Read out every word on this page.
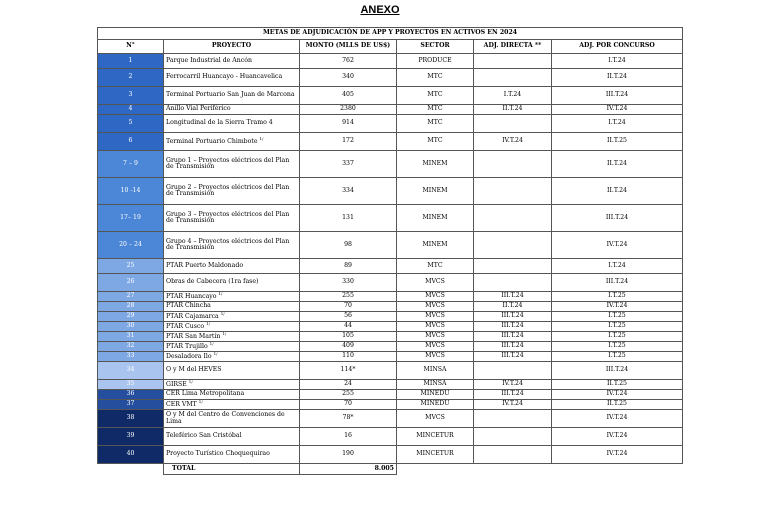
ANEXO
METAS DE ADJUDICACIÓN DE APP Y PROYECTOS EN ACTIVOS EN 2024					
N°	PROYECTO	MONTO (MLLS DE US$)	SECTOR	ADJ. DIRECTA **	ADJ. POR CONCURSO
1	Parque Industrial de Ancón	762	PRODUCE		I.T.24
2	Ferrocarril Huancayo - Huancavelica	340	MTC		II.T.24
3	Terminal Portuario San Juan de Marcona	405	MTC	I.T.24	III.T.24
4	Anillo Vial Periférico	2380	MTC	II.T.24	IV.T.24
5	Longitudinal de la Sierra Tramo 4	914	MTC		I.T.24
6	Terminal Portuario Chimbote $^{1/}$	172	MTC	IV.T.24	II.T.25
7 – 9	Grupo 1 – Proyectos eléctricos del Plan de Transmisión	337	MINEM		II.T.24
10 -14	Grupo 2 – Proyectos eléctricos del Plan de Transmisión	334	MINEM		II.T.24
17– 19	Grupo 3 – Proyectos eléctricos del Plan de Transmisión	131	MINEM		III.T.24
20 – 24	Grupo 4 – Proyectos eléctricos del Plan de Transmisión	98	MINEM		IV.T.24
25	PTAR Puerto Maldonado	89	MTC		I.T.24
26	Obras de Cabecera (1ra fase)	330	MVCS		III.T.24
27	PTAR Huancayo $^{1/}$	255	MVCS	III.T.24	I.T.25
28	PTAR Chincha	70	MVCS	II.T.24	IV.T.24
29	PTAR Cajamarca $^{1/}$	56	MVCS	III.T.24	I.T.25
30	PTAR Cusco $^{1/}$	44	MVCS	III.T.24	I.T.25
31	PTAR San Martín $^{1/}$	105	MVCS	III.T.24	I.T.25
32	PTAR Trujillo $^{1/}$	409	MVCS	III.T.24	I.T.25
33	Desaladora Ilo $^{1/}$	110	MVCS	III.T.24	I.T.25
34	O y M del HEVES	114*	MINSA		III.T.24
35	GIRSE $^{1/}$	24	MINSA	IV.T.24	II.T.25
36	CER Lima Metropolitana	255	MINEDU	III.T.24	IV.T.24
37	CER VMT $^{1/}$	70	MINEDU	IV.T.24	II.T.25
38	O y M del Centro de Convenciones de Lima	78*	MVCS		IV.T.24
39	Teleférico San Cristóbal	16	MINCETUR		IV.T.24
40	Proyecto Turístico Choquequirao	190	MINCETUR		IV.T.24
	TOTAL	8.005			
